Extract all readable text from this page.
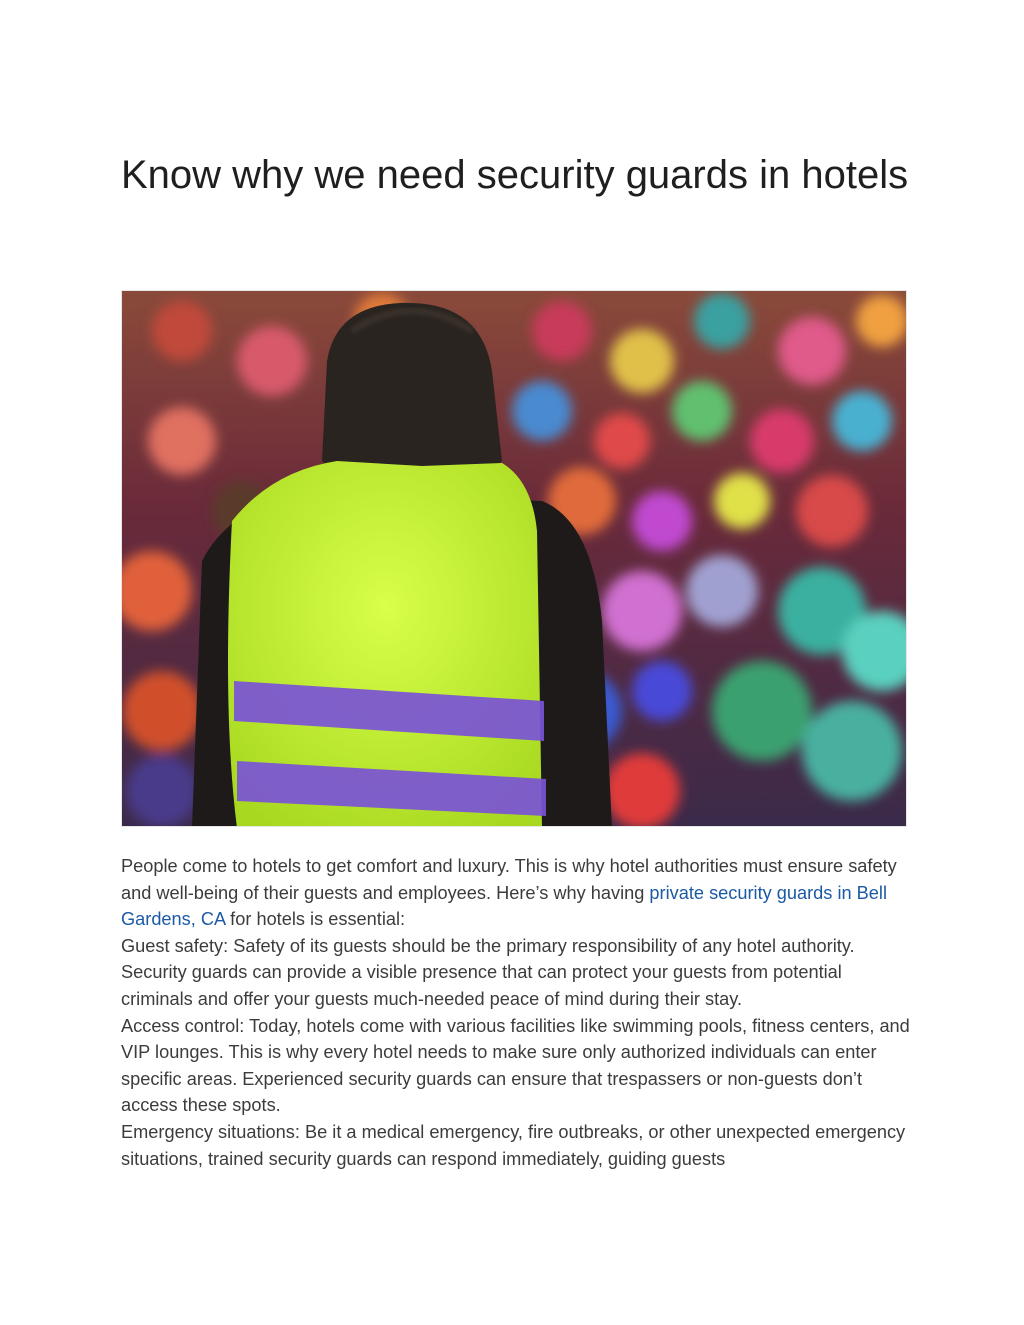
Know why we need security guards in hotels

People come to hotels to get comfort and luxury. This is why hotel authorities must ensure safety and well-being of their guests and employees. Here’s why having private security guards in Bell Gardens, CA for hotels is essential:

Guest safety: Safety of its guests should be the primary responsibility of any hotel authority. Security guards can provide a visible presence that can protect your guests from potential criminals and offer your guests much-needed peace of mind during their stay.

Access control: Today, hotels come with various facilities like swimming pools, fitness centers, and VIP lounges. This is why every hotel needs to make sure only authorized individuals can enter specific areas. Experienced security guards can ensure that trespassers or non-guests don’t access these spots.

Emergency situations: Be it a medical emergency, fire outbreaks, or other unexpected emergency situations, trained security guards can respond immediately, guiding guests
